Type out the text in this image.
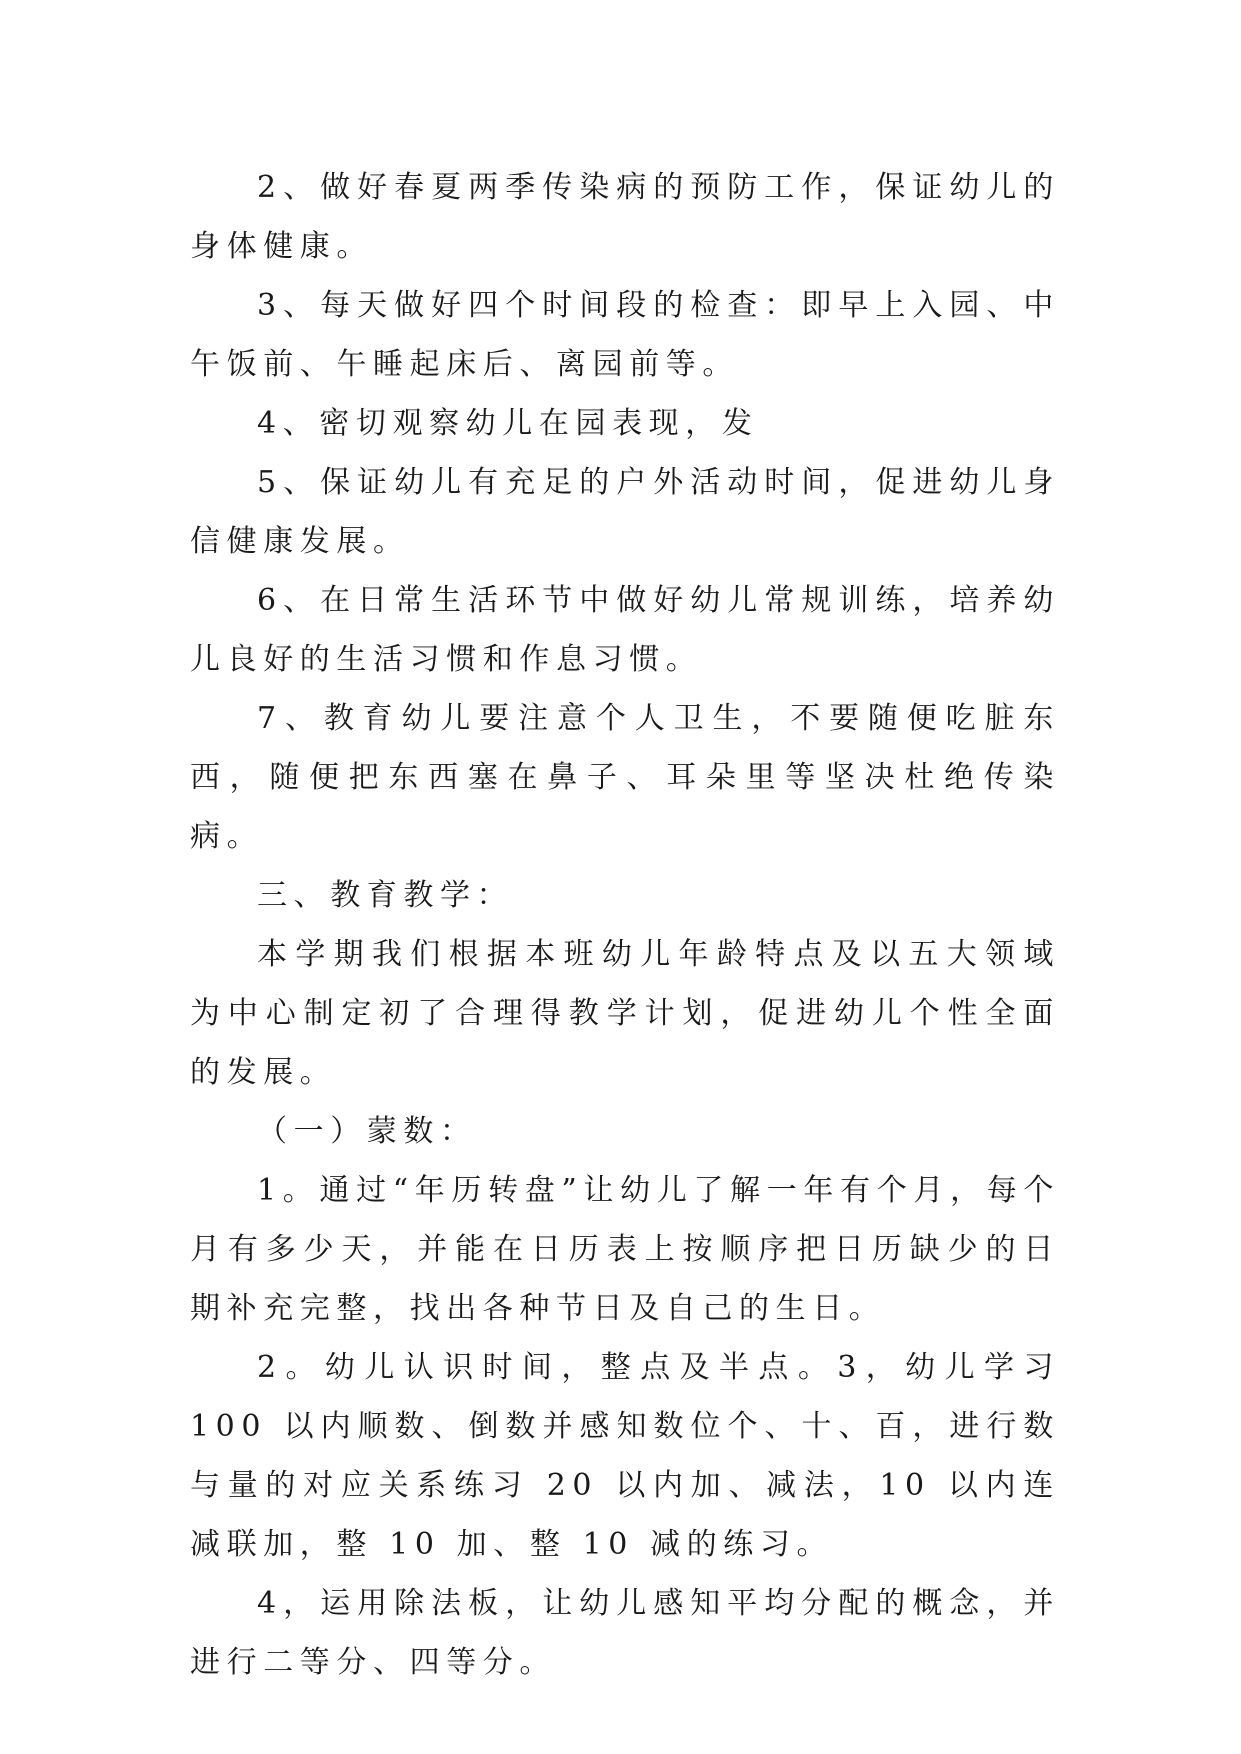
2、做好春夏两季传染病的预防工作，保证幼儿的身体健康。

3、每天做好四个时间段的检查：即早上入园、中午饭前、午睡起床后、离园前等。

4、密切观察幼儿在园表现，发

5、保证幼儿有充足的户外活动时间，促进幼儿身信健康发展。

6、在日常生活环节中做好幼儿常规训练，培养幼儿良好的生活习惯和作息习惯。

7、教育幼儿要注意个人卫生，不要随便吃脏东西，随便把东西塞在鼻子、耳朵里等坚决杜绝传染病。

三、教育教学：

本学期我们根据本班幼儿年龄特点及以五大领域为中心制定初了合理得教学计划，促进幼儿个性全面的发展。

（一）蒙数：

1。通过“年历转盘”让幼儿了解一年有个月，每个月有多少天，并能在日历表上按顺序把日历缺少的日期补充完整，找出各种节日及自己的生日。

2。幼儿认识时间，整点及半点。3，幼儿学习 100 以内顺数、倒数并感知数位个、十、百，进行数与量的对应关系练习 20 以内加、减法，10 以内连减联加，整 10 加、整 10 减的练习。

4，运用除法板，让幼儿感知平均分配的概念，并进行二等分、四等分。
